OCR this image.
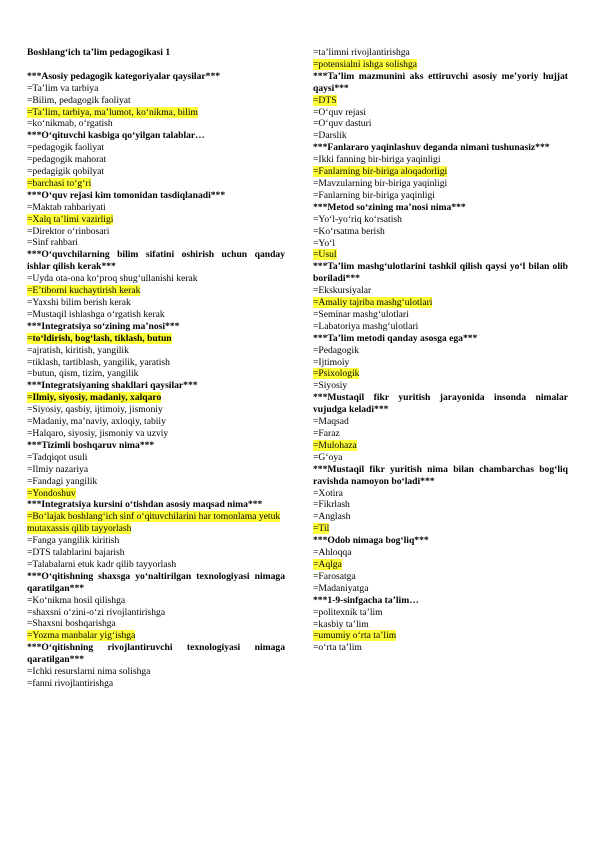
Boshlang‘ich ta’lim pedagogikasi 1
***Asosiy pedagogik kategoriyalar qaysilar***
=Ta’lim va tarbiya
=Bilim, pedagogik faoliyat
=Ta’lim, tarbiya, ma’lumot, ko‘nikma, bilim
=ko‘nikmab, o‘rgatish
***O‘qituvchi kasbiga qo‘yilgan talablar…
=pedagogik faoliyat
=pedagogik mahorat
=pedagigik qobilyat
=barchasi to‘g‘ri
***O‘quv rejasi kim tomonidan tasdiqlanadi***
=Maktab rahbariyati
=Xalq ta’limi vazirligi
=Direktor o‘rinbosari
=Sinf rahbari
***O‘quvchilarning bilim sifatini oshirish uchun qanday ishlar qilish kerak***
=Uyda ota-ona ko‘proq shug‘ullanishi kerak
=E’tiborni kuchaytirish kerak
=Yaxshi bilim berish kerak
=Mustaqil ishlashga o‘rgatish kerak
***Integratsiya so‘zining ma’nosi***
=to‘ldirish, bog‘lash, tiklash, butun
=ajratish, kiritish, yangilik
=tiklash, tartiblash, yangilik, yaratish
=butun, qism, tizim, yangilik
***Integratsiyaning shakllari qaysilar***
=Ilmiy, siyosiy, madaniy, xalqaro
=Siyosiy, qasbiy, ijtimoiy, jismoniy
=Madaniy, ma’naviy, axloqiy, tabiiy
=Halqaro, siyosiy, jismoniy va uzviy
***Tizimli boshqaruv nima***
=Tadqiqot usuli
=Ilmiy nazariya
=Fandagi yangilik
=Yondoshuv
***Integratsiya kursini o‘tishdan asosiy maqsad nima***
=Bo‘lajak boshlang‘ich sinf o‘qituvchilarini har tomonlama yetuk mutaxassis qilib tayyorlash
=Fanga yangilik kiritish
=DTS talablarini bajarish
=Talabalarni etuk kadr qilib tayyorlash
***O‘qitishning shaxsga yo‘naltirilgan texnologiyasi nimaga qaratilgan***
=Ko‘nikma hosil qilishga
=shaxsni o‘zini-o‘zi rivojlantirishga
=Shaxsni boshqarishga
=Yozma manbalar yig‘ishga
***O‘qitishning rivojlantiruvchi texnologiyasi nimaga qaratilgan***
=Ichki resurslarni nima solishga
=fanni rivojlantirishga
=ta’limni rivojlantirishga
=potensialni ishga solishga
***Ta’lim mazmunini aks ettiruvchi asosiy me’yoriy hujjat qaysi***
=DTS
=O‘quv rejasi
=O‘quv dasturi
=Darslik
***Fanlararo yaqinlashuv deganda nimani tushunasiz***
=Ikki fanning bir-biriga yaqinligi
=Fanlarning bir-biriga aloqadorligi
=Mavzularning bir-biriga yaqinligi
=Fanlarning bir-biriga yaqinligi
***Metod so‘zining ma’nosi nima***
=Yo‘l-yo‘riq ko‘rsatish
=Ko‘rsatma berish
=Yo‘l
=Usul
***Ta’lim mashg‘ulotlarini tashkil qilish qaysi yo‘l bilan olib boriladi***
=Ekskursiyalar
=Amaliy tajriba mashg‘ulotlari
=Seminar mashg‘ulotlari
=Labatoriya mashg‘ulotlari
***Ta’lim metodi qanday asosga ega***
=Pedagogik
=Ijtimoiy
=Psixologik
=Siyosiy
***Mustaqil fikr yuritish jarayonida insonda nimalar vujudga keladi***
=Maqsad
=Faraz
=Mulohaza
=G‘oya
***Mustaqil fikr yuritish nima bilan chambarchas bog‘liq ravishda namoyon bo‘ladi***
=Xotira
=Fikrlash
=Anglash
=Til
***Odob nimaga bog‘liq***
=Ahloqqa
=Aqlga
=Farosatga
=Madaniyatga
***1-9-sinfgacha ta’lim…
=politexnik ta’lim
=kasbiy ta’lim
=umumiy o‘rta ta’lim
=o‘rta ta’lim
